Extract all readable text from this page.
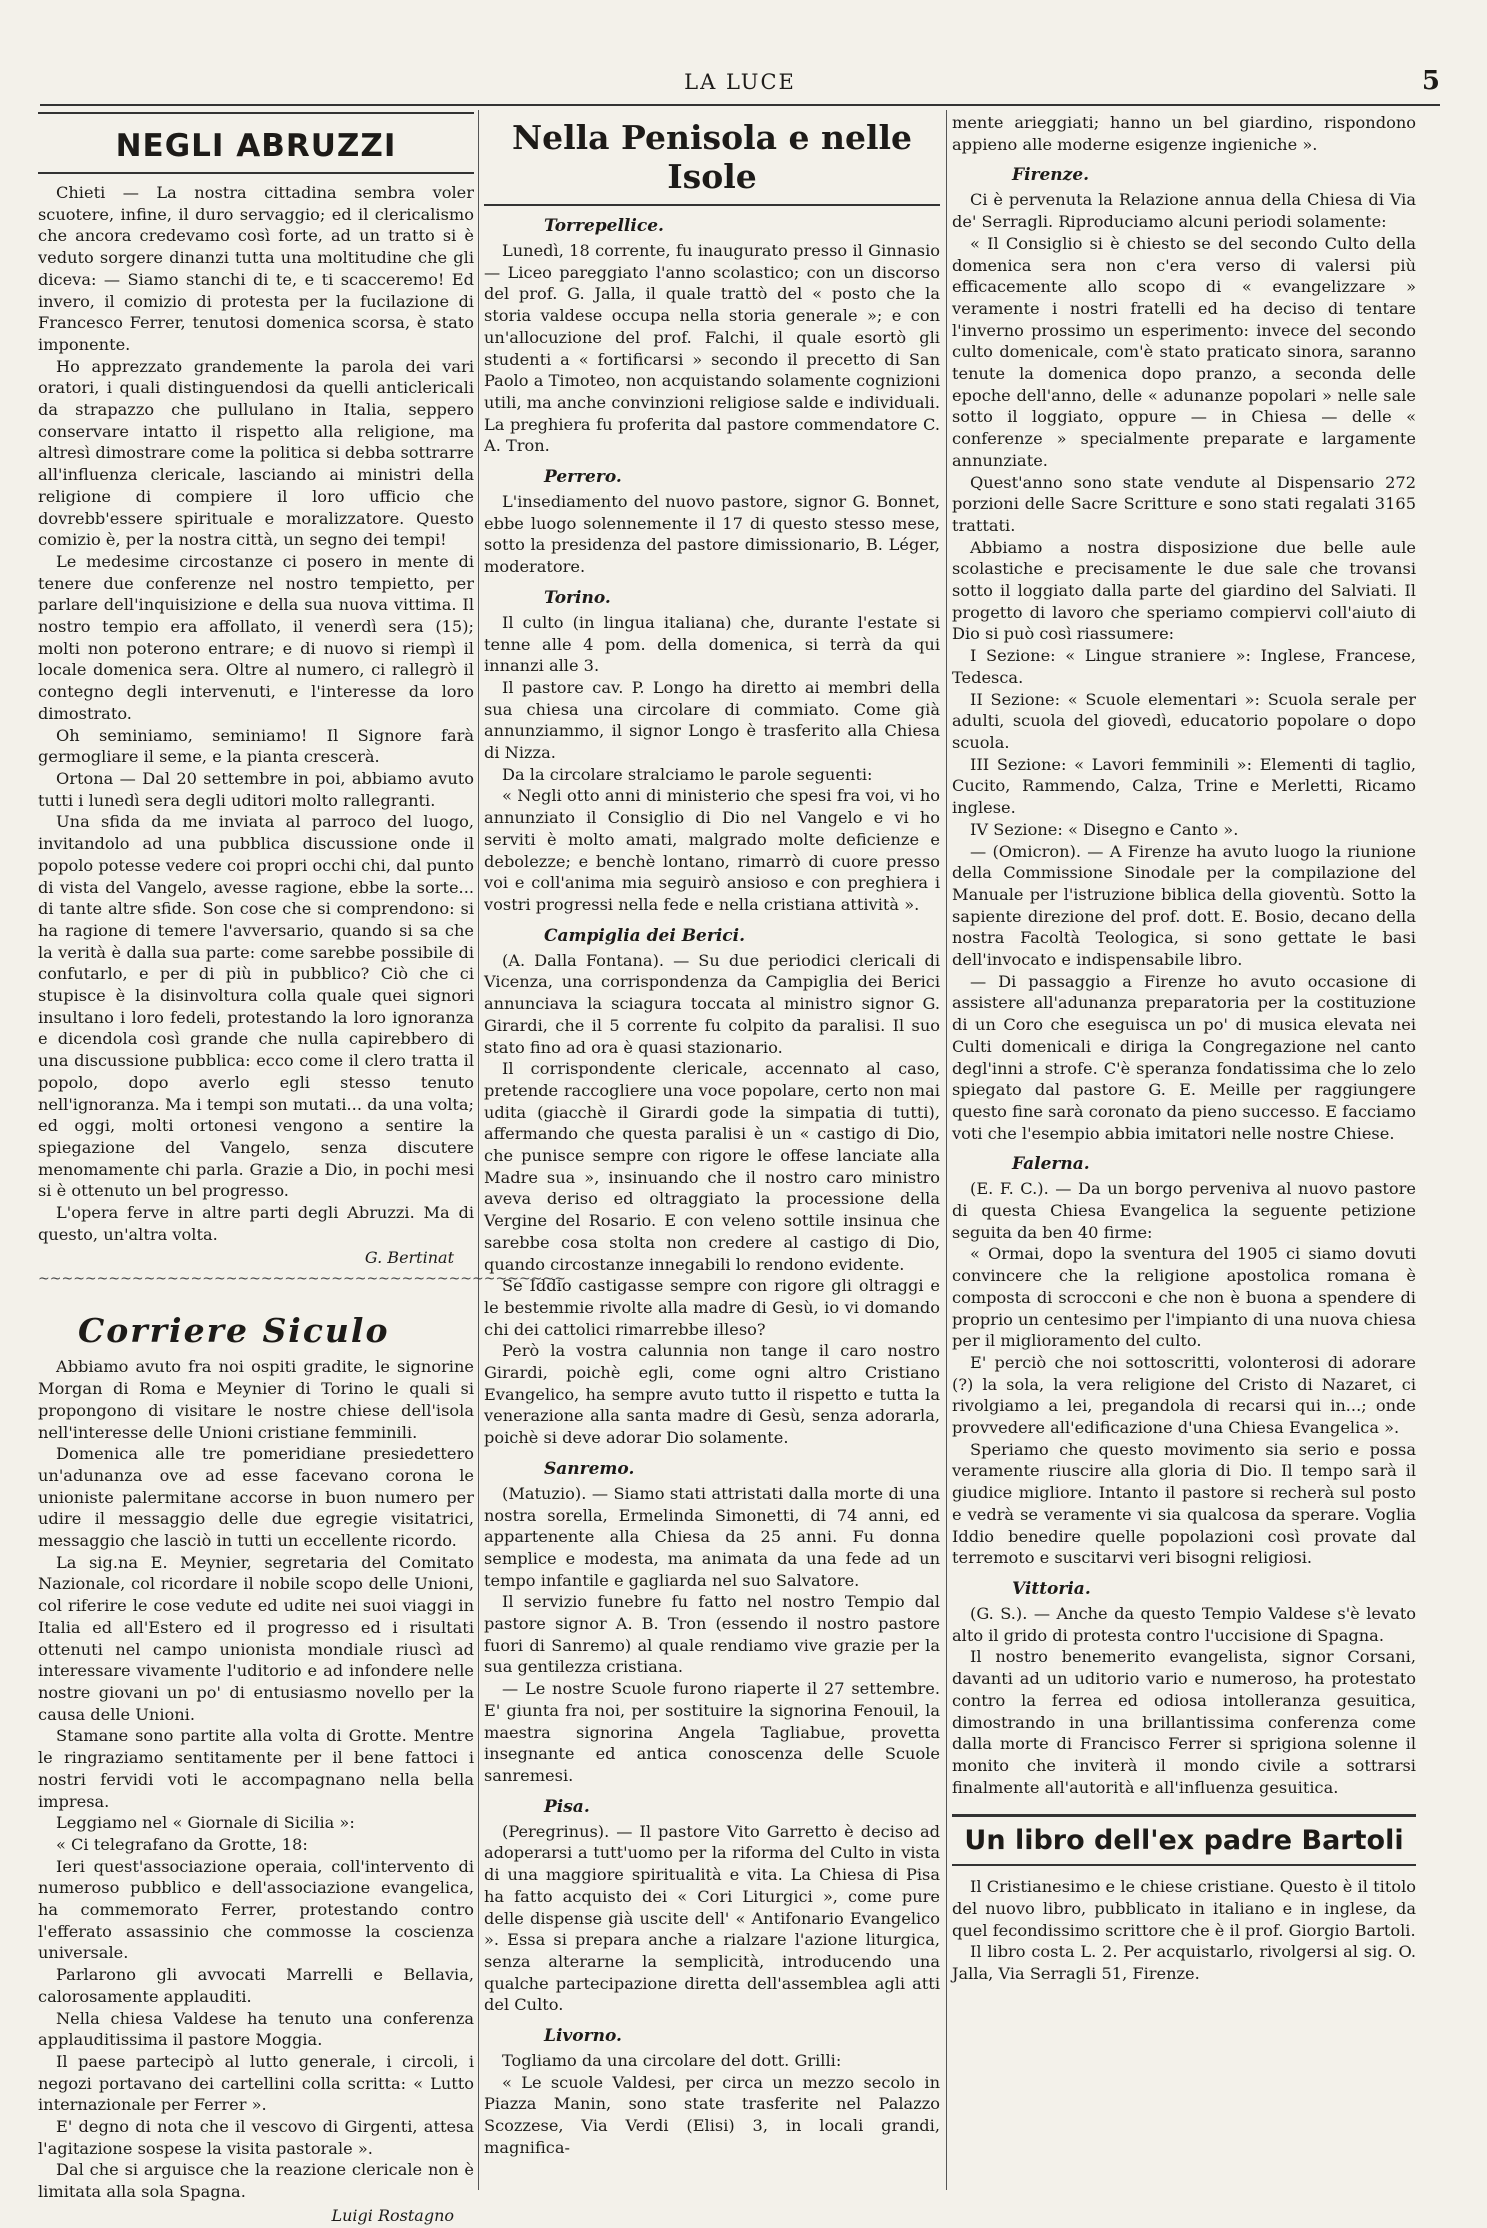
LA LUCE	5
NEGLI ABRUZZI

Chieti — La nostra cittadina sembra voler scuotere, infine, il duro servaggio; ed il clericalismo che ancora credevamo così forte, ad un tratto si è veduto sorgere dinanzi tutta una moltitudine che gli diceva: — Siamo stanchi di te, e ti scacceremo! Ed invero, il comizio di protesta per la fucilazione di Francesco Ferrer, tenutosi domenica scorsa, è stato imponente.

Ho apprezzato grandemente la parola dei vari oratori, i quali distinguendosi da quelli anticlericali da strapazzo che pullulano in Italia, seppero conservare intatto il rispetto alla religione, ma altresì dimostrare come la politica si debba sottrarre all'influenza clericale, lasciando ai ministri della religione di compiere il loro ufficio che dovrebb'essere spirituale e moralizzatore. Questo comizio è, per la nostra città, un segno dei tempi!

Le medesime circostanze ci posero in mente di tenere due conferenze nel nostro tempietto, per parlare dell'inquisizione e della sua nuova vittima. Il nostro tempio era affollato, il venerdì sera (15); molti non poterono entrare; e di nuovo si riempì il locale domenica sera. Oltre al numero, ci rallegrò il contegno degli intervenuti, e l'interesse da loro dimostrato.

Oh seminiamo, seminiamo! Il Signore farà germogliare il seme, e la pianta crescerà.

Ortona — Dal 20 settembre in poi, abbiamo avuto tutti i lunedì sera degli uditori molto rallegranti.

Una sfida da me inviata al parroco del luogo, invitandolo ad una pubblica discussione onde il popolo potesse vedere coi propri occhi chi, dal punto di vista del Vangelo, avesse ragione, ebbe la sorte... di tante altre sfide. Son cose che si comprendono: si ha ragione di temere l'avversario, quando si sa che la verità è dalla sua parte: come sarebbe possibile di confutarlo, e per di più in pubblico? Ciò che ci stupisce è la disinvoltura colla quale quei signori insultano i loro fedeli, protestando la loro ignoranza e dicendola così grande che nulla capirebbero di una discussione pubblica: ecco come il clero tratta il popolo, dopo averlo egli stesso tenuto nell'ignoranza. Ma i tempi son mutati... da una volta; ed oggi, molti ortonesi vengono a sentire la spiegazione del Vangelo, senza discutere menomamente chi parla. Grazie a Dio, in pochi mesi si è ottenuto un bel progresso.

L'opera ferve in altre parti degli Abruzzi. Ma di questo, un'altra volta.

G. Bertinat
~~~~~~~~~~~~~~~~~~~~~~~~~~~~~~~~~~~~~~~~~~~~~
Corriere Siculo

Abbiamo avuto fra noi ospiti gradite, le signorine Morgan di Roma e Meynier di Torino le quali si propongono di visitare le nostre chiese dell'isola nell'interesse delle Unioni cristiane femminili.

Domenica alle tre pomeridiane presiedettero un'adunanza ove ad esse facevano corona le unioniste palermitane accorse in buon numero per udire il messaggio delle due egregie visitatrici, messaggio che lasciò in tutti un eccellente ricordo.

La sig.na E. Meynier, segretaria del Comitato Nazionale, col ricordare il nobile scopo delle Unioni, col riferire le cose vedute ed udite nei suoi viaggi in Italia ed all'Estero ed il progresso ed i risultati ottenuti nel campo unionista mondiale riuscì ad interessare vivamente l'uditorio e ad infondere nelle nostre giovani un po' di entusiasmo novello per la causa delle Unioni.

Stamane sono partite alla volta di Grotte. Mentre le ringraziamo sentitamente per il bene fattoci i nostri fervidi voti le accompagnano nella bella impresa.

Leggiamo nel « Giornale di Sicilia »:

« Ci telegrafano da Grotte, 18:

Ieri quest'associazione operaia, coll'intervento di numeroso pubblico e dell'associazione evangelica, ha commemorato Ferrer, protestando contro l'efferato assassinio che commosse la coscienza universale.

Parlarono gli avvocati Marrelli e Bellavia, calorosamente applauditi.

Nella chiesa Valdese ha tenuto una conferenza applauditissima il pastore Moggia.

Il paese partecipò al lutto generale, i circoli, i negozi portavano dei cartellini colla scritta: « Lutto internazionale per Ferrer ».

E' degno di nota che il vescovo di Girgenti, attesa l'agitazione sospese la visita pastorale ».

Dal che si arguisce che la reazione clericale non è limitata alla sola Spagna.

Luigi Rostagno
Nella Penisola e nelle Isole
Torrepellice.

Lunedì, 18 corrente, fu inaugurato presso il Ginnasio — Liceo pareggiato l'anno scolastico; con un discorso del prof. G. Jalla, il quale trattò del « posto che la storia valdese occupa nella storia generale »; e con un'allocuzione del prof. Falchi, il quale esortò gli studenti a « fortificarsi » secondo il precetto di San Paolo a Timoteo, non acquistando solamente cognizioni utili, ma anche convinzioni religiose salde e individuali. La preghiera fu proferita dal pastore commendatore C. A. Tron.

Perrero.

L'insediamento del nuovo pastore, signor G. Bonnet, ebbe luogo solennemente il 17 di questo stesso mese, sotto la presidenza del pastore dimissionario, B. Léger, moderatore.

Torino.

Il culto (in lingua italiana) che, durante l'estate si tenne alle 4 pom. della domenica, si terrà da qui innanzi alle 3.

Il pastore cav. P. Longo ha diretto ai membri della sua chiesa una circolare di commiato. Come già annunziammo, il signor Longo è trasferito alla Chiesa di Nizza.

Da la circolare stralciamo le parole seguenti:

« Negli otto anni di ministerio che spesi fra voi, vi ho annunziato il Consiglio di Dio nel Vangelo e vi ho serviti è molto amati, malgrado molte deficienze e debolezze; e benchè lontano, rimarrò di cuore presso voi e coll'anima mia seguirò ansioso e con preghiera i vostri progressi nella fede e nella cristiana attività ».

Campiglia dei Berici.

(A. Dalla Fontana). — Su due periodici clericali di Vicenza, una corrispondenza da Campiglia dei Berici annunciava la sciagura toccata al ministro signor G. Girardi, che il 5 corrente fu colpito da paralisi. Il suo stato fino ad ora è quasi stazionario.

Il corrispondente clericale, accennato al caso, pretende raccogliere una voce popolare, certo non mai udita (giacchè il Girardi gode la simpatia di tutti), affermando che questa paralisi è un « castigo di Dio, che punisce sempre con rigore le offese lanciate alla Madre sua », insinuando che il nostro caro ministro aveva deriso ed oltraggiato la processione della Vergine del Rosario. E con veleno sottile insinua che sarebbe cosa stolta non credere al castigo di Dio, quando circostanze innegabili lo rendono evidente.

Se Iddio castigasse sempre con rigore gli oltraggi e le bestemmie rivolte alla madre di Gesù, io vi domando chi dei cattolici rimarrebbe illeso?

Però la vostra calunnia non tange il caro nostro Girardi, poichè egli, come ogni altro Cristiano Evangelico, ha sempre avuto tutto il rispetto e tutta la venerazione alla santa madre di Gesù, senza adorarla, poichè si deve adorar Dio solamente.

Sanremo.

(Matuzio). — Siamo stati attristati dalla morte di una nostra sorella, Ermelinda Simonetti, di 74 anni, ed appartenente alla Chiesa da 25 anni. Fu donna semplice e modesta, ma animata da una fede ad un tempo infantile e gagliarda nel suo Salvatore.

Il servizio funebre fu fatto nel nostro Tempio dal pastore signor A. B. Tron (essendo il nostro pastore fuori di Sanremo) al quale rendiamo vive grazie per la sua gentilezza cristiana.

— Le nostre Scuole furono riaperte il 27 settembre. E' giunta fra noi, per sostituire la signorina Fenouil, la maestra signorina Angela Tagliabue, provetta insegnante ed antica conoscenza delle Scuole sanremesi.

Pisa.

(Peregrinus). — Il pastore Vito Garretto è deciso ad adoperarsi a tutt'uomo per la riforma del Culto in vista di una maggiore spiritualità e vita. La Chiesa di Pisa ha fatto acquisto dei « Cori Liturgici », come pure delle dispense già uscite dell' « Antifonario Evangelico ». Essa si prepara anche a rialzare l'azione liturgica, senza alterarne la semplicità, introducendo una qualche partecipazione diretta dell'assemblea agli atti del Culto.

Livorno.

Togliamo da una circolare del dott. Grilli:

« Le scuole Valdesi, per circa un mezzo secolo in Piazza Manin, sono state trasferite nel Palazzo Scozzese, Via Verdi (Elisi) 3, in locali grandi, magnifica-

mente arieggiati; hanno un bel giardino, rispondono appieno alle moderne esigenze ingieniche ».

Firenze.

Ci è pervenuta la Relazione annua della Chiesa di Via de' Serragli. Riproduciamo alcuni periodi solamente:

« Il Consiglio si è chiesto se del secondo Culto della domenica sera non c'era verso di valersi più efficacemente allo scopo di « evangelizzare » veramente i nostri fratelli ed ha deciso di tentare l'inverno prossimo un esperimento: invece del secondo culto domenicale, com'è stato praticato sinora, saranno tenute la domenica dopo pranzo, a seconda delle epoche dell'anno, delle « adunanze popolari » nelle sale sotto il loggiato, oppure — in Chiesa — delle « conferenze » specialmente preparate e largamente annunziate.

Quest'anno sono state vendute al Dispensario 272 porzioni delle Sacre Scritture e sono stati regalati 3165 trattati.

Abbiamo a nostra disposizione due belle aule scolastiche e precisamente le due sale che trovansi sotto il loggiato dalla parte del giardino del Salviati. Il progetto di lavoro che speriamo compiervi coll'aiuto di Dio si può così riassumere:

I Sezione: « Lingue straniere »: Inglese, Francese, Tedesca.

II Sezione: « Scuole elementari »: Scuola serale per adulti, scuola del giovedì, educatorio popolare o dopo scuola.

III Sezione: « Lavori femminili »: Elementi di taglio, Cucito, Rammendo, Calza, Trine e Merletti, Ricamo inglese.

IV Sezione: « Disegno e Canto ».

— (Omicron). — A Firenze ha avuto luogo la riunione della Commissione Sinodale per la compilazione del Manuale per l'istruzione biblica della gioventù. Sotto la sapiente direzione del prof. dott. E. Bosio, decano della nostra Facoltà Teologica, si sono gettate le basi dell'invocato e indispensabile libro.

— Di passaggio a Firenze ho avuto occasione di assistere all'adunanza preparatoria per la costituzione di un Coro che eseguisca un po' di musica elevata nei Culti domenicali e diriga la Congregazione nel canto degl'inni a strofe. C'è speranza fondatissima che lo zelo spiegato dal pastore G. E. Meille per raggiungere questo fine sarà coronato da pieno successo. E facciamo voti che l'esempio abbia imitatori nelle nostre Chiese.

Falerna.

(E. F. C.). — Da un borgo perveniva al nuovo pastore di questa Chiesa Evangelica la seguente petizione seguita da ben 40 firme:

« Ormai, dopo la sventura del 1905 ci siamo dovuti convincere che la religione apostolica romana è composta di scrocconi e che non è buona a spendere di proprio un centesimo per l'impianto di una nuova chiesa per il miglioramento del culto.

E' perciò che noi sottoscritti, volonterosi di adorare (?) la sola, la vera religione del Cristo di Nazaret, ci rivolgiamo a lei, pregandola di recarsi qui in...; onde provvedere all'edificazione d'una Chiesa Evangelica ».

Speriamo che questo movimento sia serio e possa veramente riuscire alla gloria di Dio. Il tempo sarà il giudice migliore. Intanto il pastore si recherà sul posto e vedrà se veramente vi sia qualcosa da sperare. Voglia Iddio benedire quelle popolazioni così provate dal terremoto e suscitarvi veri bisogni religiosi.

Vittoria.

(G. S.). — Anche da questo Tempio Valdese s'è levato alto il grido di protesta contro l'uccisione di Spagna.

Il nostro benemerito evangelista, signor Corsani, davanti ad un uditorio vario e numeroso, ha protestato contro la ferrea ed odiosa intolleranza gesuitica, dimostrando in una brillantissima conferenza come dalla morte di Francisco Ferrer si sprigiona solenne il monito che inviterà il mondo civile a sottrarsi finalmente all'autorità e all'influenza gesuitica.

Un libro dell'ex padre Bartoli

Il Cristianesimo e le chiese cristiane. Questo è il titolo del nuovo libro, pubblicato in italiano e in inglese, da quel fecondissimo scrittore che è il prof. Giorgio Bartoli.

Il libro costa L. 2. Per acquistarlo, rivolgersi al sig. O. Jalla, Via Serragli 51, Firenze.
